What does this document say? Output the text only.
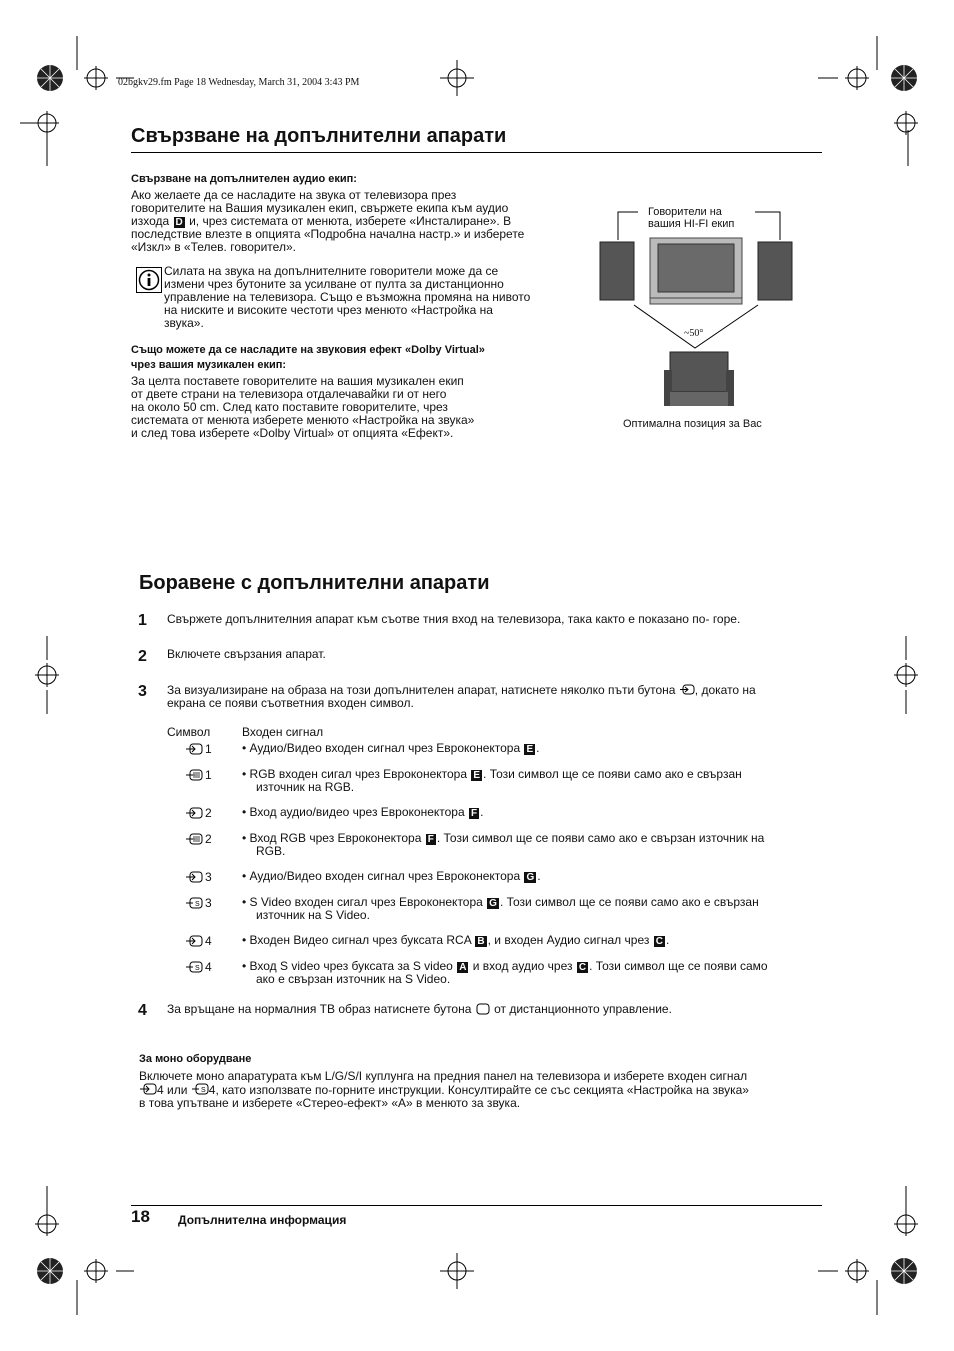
02bgkv29.fm Page 18 Wednesday, March 31, 2004 3:43 PM
Свързване на допълнителни апарати
Свързване на допълнителен аудио екип:
Ако желаете да се насладите на звука от телевизора през
говорителите на Вашия музикален екип, свържете екипа към аудио
изхода D и, чрез системата от менюта, изберете «Инсталиране». В
последствие влезте в опцията «Подробна начална настр.» и изберете
«Изкл» в «Телев. говорител».
Силата на звука на допълнителните говорители може да се
измени чрез бутоните за усилване от пулта за дистанционно
управление на телевизора. Също е възможна промяна на нивото
на ниските и високите честоти чрез менюто «Настройка на
звука».
Също можете да се насладите на звуковия ефект «Dolby Virtual»
чрез вашия музикален екип:
За целта поставете говорителите на вашия музикален екип
от двете страни на телевизора отдалечавайки ги от него
на около 50 cm. След като поставите говорителите, чрез
системата от менюта изберете менюто «Настройка на звука»
и след това изберете «Dolby Virtual» от опцията «Ефект».
Говорители на
вашия HI-FI екип
~50°
Оптимална позиция за Вас
Боравене с допълнителни апарати
1 Свържете допълнителния апарат към съотве тния вход на телевизора, така както е показано по- горе.
2 Включете свързания апарат.
3 За визуализиране на образа на този допълнителен апарат, натиснете няколко пъти бутона , докато на
екрана се появи съответния входен символ.
Символ	Входен сигнал
1	• Аудио/Видео входен сигнал чрез Евроконектора E .
1	• RGB входен сигал чрез Евроконектора E . Този символ ще се появи само ако е свързан
източник на RGB.
2	• Вход аудио/видео чрез Евроконектора F .
2	• Вход RGB чрез Евроконектора F . Този символ ще се появи само ако е свързан източник на
RGB.
3	• Аудио/Видео входен сигнал чрез Евроконектора G .
S 3	• S Video входен сигал чрез Евроконектора G . Този символ ще се появи само ако е свързан
източник на S Video.
4	• Входен Видео сигнал чрез буксата RCA B , и входен Аудио сигнал чрез C .
S 4	• Вход S video чрез буксата за S video A и вход аудио чрез C . Този символ ще се появи само
ако е свързан източник на S Video.
4 За връщане на нормалния ТВ образ натиснете бутона от дистанционното управление.
За моно оборудване
Включете моно апаратурата към L/G/S/I куплунга на предния панел на телевизора и изберете входен сигнал
4 или S 4, като използвате по-горните инструкции. Консултирайте се със секцията «Настройка на звука»
в това упътване и изберете «Стерео-ефект» «А» в менюто за звука.
18 Допълнителна информация
